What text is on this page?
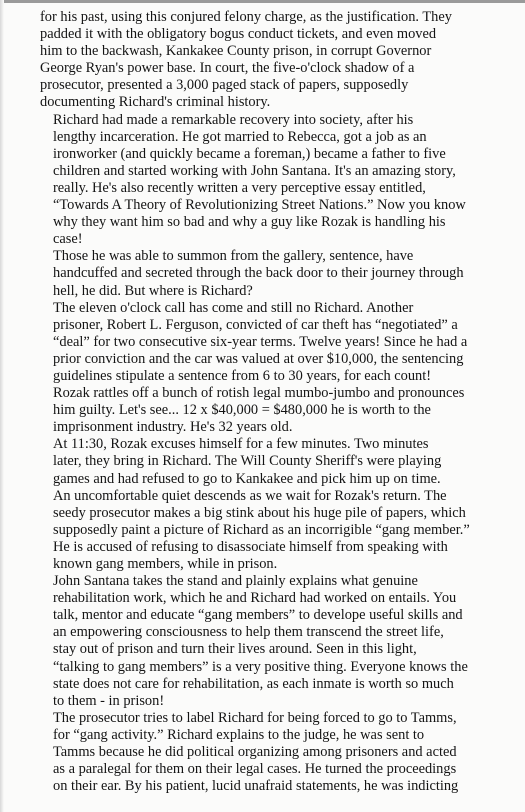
for his past, using this conjured felony charge, as the justification. They
padded it with the obligatory bogus conduct tickets, and even moved
him to the backwash, Kankakee County prison, in corrupt Governor
George Ryan's power base. In court, the five-o'clock shadow of a
prosecutor, presented a 3,000 paged stack of papers, supposedly
documenting Richard's criminal history.

Richard had made a remarkable recovery into society, after his
lengthy incarceration. He got married to Rebecca, got a job as an
ironworker (and quickly became a foreman,) became a father to five
children and started working with John Santana. It's an amazing story,
really. He's also recently written a very perceptive essay entitled,
“Towards A Theory of Revolutionizing Street Nations.” Now you know
why they want him so bad and why a guy like Rozak is handling his
case!

Those he was able to summon from the gallery, sentence, have
handcuffed and secreted through the back door to their journey through
hell, he did. But where is Richard?

The eleven o'clock call has come and still no Richard. Another
prisoner, Robert L. Ferguson, convicted of car theft has “negotiated” a
“deal” for two consecutive six-year terms. Twelve years! Since he had a
prior conviction and the car was valued at over $10,000, the sentencing
guidelines stipulate a sentence from 6 to 30 years, for each count!
Rozak rattles off a bunch of rotish legal mumbo-jumbo and pronounces
him guilty. Let's see... 12 x $40,000 = $480,000 he is worth to the
imprisonment industry. He's 32 years old.

At 11:30, Rozak excuses himself for a few minutes. Two minutes
later, they bring in Richard. The Will County Sheriff's were playing
games and had refused to go to Kankakee and pick him up on time.

An uncomfortable quiet descends as we wait for Rozak's return. The
seedy prosecutor makes a big stink about his huge pile of papers, which
supposedly paint a picture of Richard as an incorrigible “gang member.”
He is accused of refusing to disassociate himself from speaking with
known gang members, while in prison.

John Santana takes the stand and plainly explains what genuine
rehabilitation work, which he and Richard had worked on entails. You
talk, mentor and educate “gang members” to develope useful skills and
an empowering consciousness to help them transcend the street life,
stay out of prison and turn their lives around. Seen in this light,
“talking to gang members” is a very positive thing. Everyone knows the
state does not care for rehabilitation, as each inmate is worth so much
to them - in prison!

The prosecutor tries to label Richard for being forced to go to Tamms,
for “gang activity.” Richard explains to the judge, he was sent to
Tamms because he did political organizing among prisoners and acted
as a paralegal for them on their legal cases. He turned the proceedings
on their ear. By his patient, lucid unafraid statements, he was indicting
